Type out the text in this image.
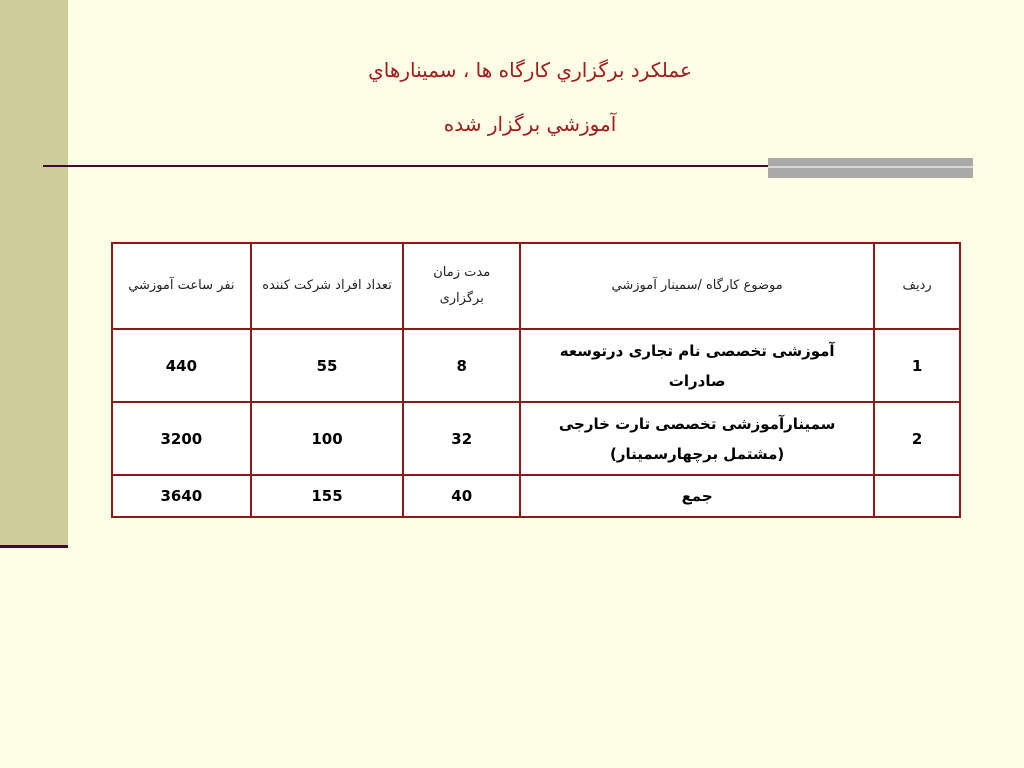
عملكرد برگزاري كارگاه ها ، سمينارهاي
آموزشي برگزار شده
رديف	موضوع كارگاه /سمينار آموزشي	مدت زمان برگزاری	تعداد افراد شركت كننده	نفر ساعت آموزشي
1	آموزشی تخصصی نام تجاری درتوسعه صادرات	8	55	440
2	سمینارآموزشی تخصصی تارت خارجی (مشتمل برچهارسمینار)	32	100	3200
	جمع	40	155	3640
